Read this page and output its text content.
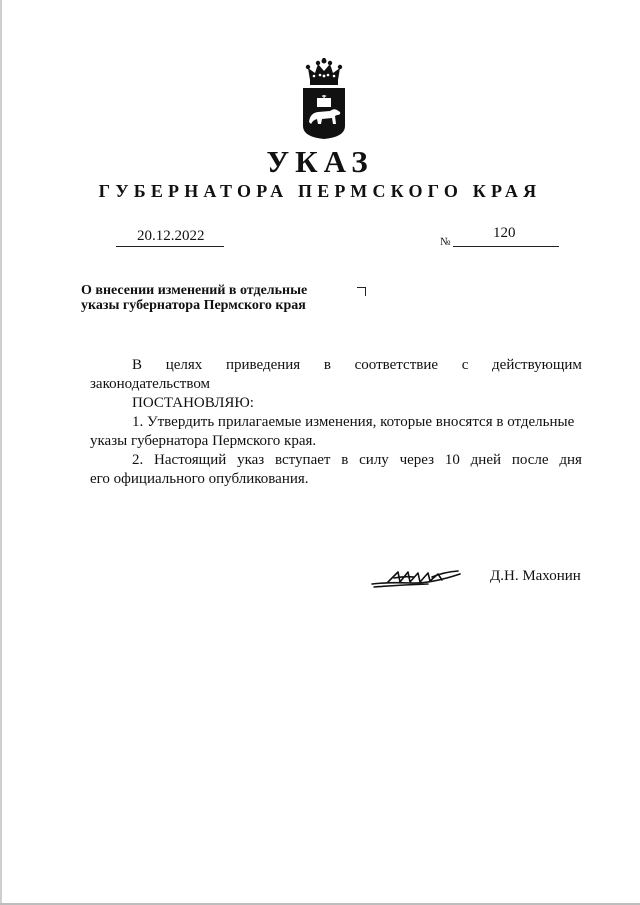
УКАЗ
ГУБЕРНАТОРА ПЕРМСКОГО КРАЯ
20.12.2022	№
120
О внесении изменений в отдельные
указы губернатора Пермского края
В целях приведения в соответствие с действующим
законодательством
ПОСТАНОВЛЯЮ:
1. Утвердить прилагаемые изменения, которые вносятся в отдельные
указы губернатора Пермского края.
2. Настоящий указ вступает в силу через 10 дней после дня
его официального опубликования.
Д.Н. Махонин
